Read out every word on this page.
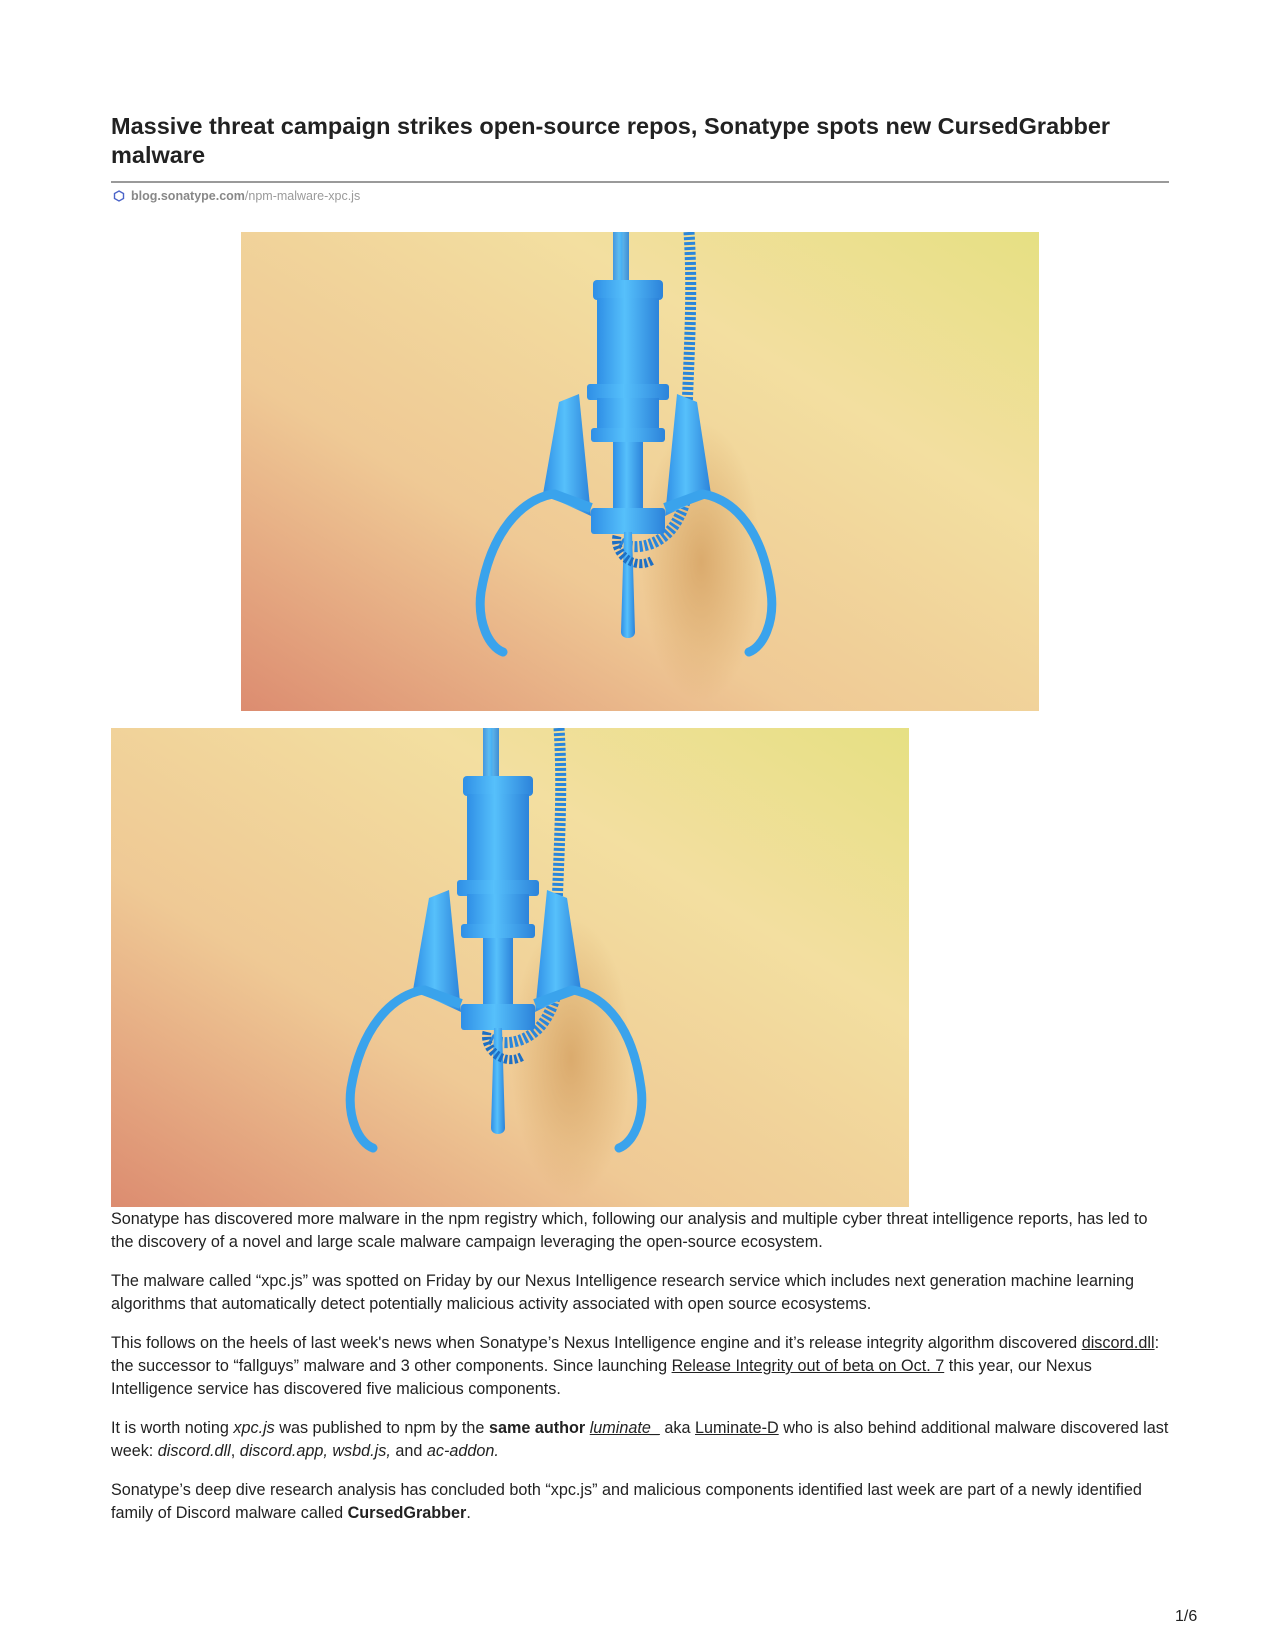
Massive threat campaign strikes open-source repos, Sonatype spots new CursedGrabber malware
blog.sonatype.com /npm-malware-xpc.js

Sonatype has discovered more malware in the npm registry which, following our analysis and multiple cyber threat intelligence reports, has led to the discovery of a novel and large scale malware campaign leveraging the open-source ecosystem.

The malware called “xpc.js” was spotted on Friday by our Nexus Intelligence research service which includes next generation machine learning algorithms that automatically detect potentially malicious activity associated with open source ecosystems.

This follows on the heels of last week's news when Sonatype’s Nexus Intelligence engine and it’s release integrity algorithm discovered discord.dll: the successor to “fallguys” malware and 3 other components. Since launching Release Integrity out of beta on Oct. 7 this year, our Nexus Intelligence service has discovered five malicious components.

It is worth noting xpc.js was published to npm by the same author luminate_ aka Luminate-D who is also behind additional malware discovered last week: discord.dll, discord.app, wsbd.js, and ac-addon.

Sonatype’s deep dive research analysis has concluded both “xpc.js” and malicious components identified last week are part of a newly identified family of Discord malware called CursedGrabber.

1/6
